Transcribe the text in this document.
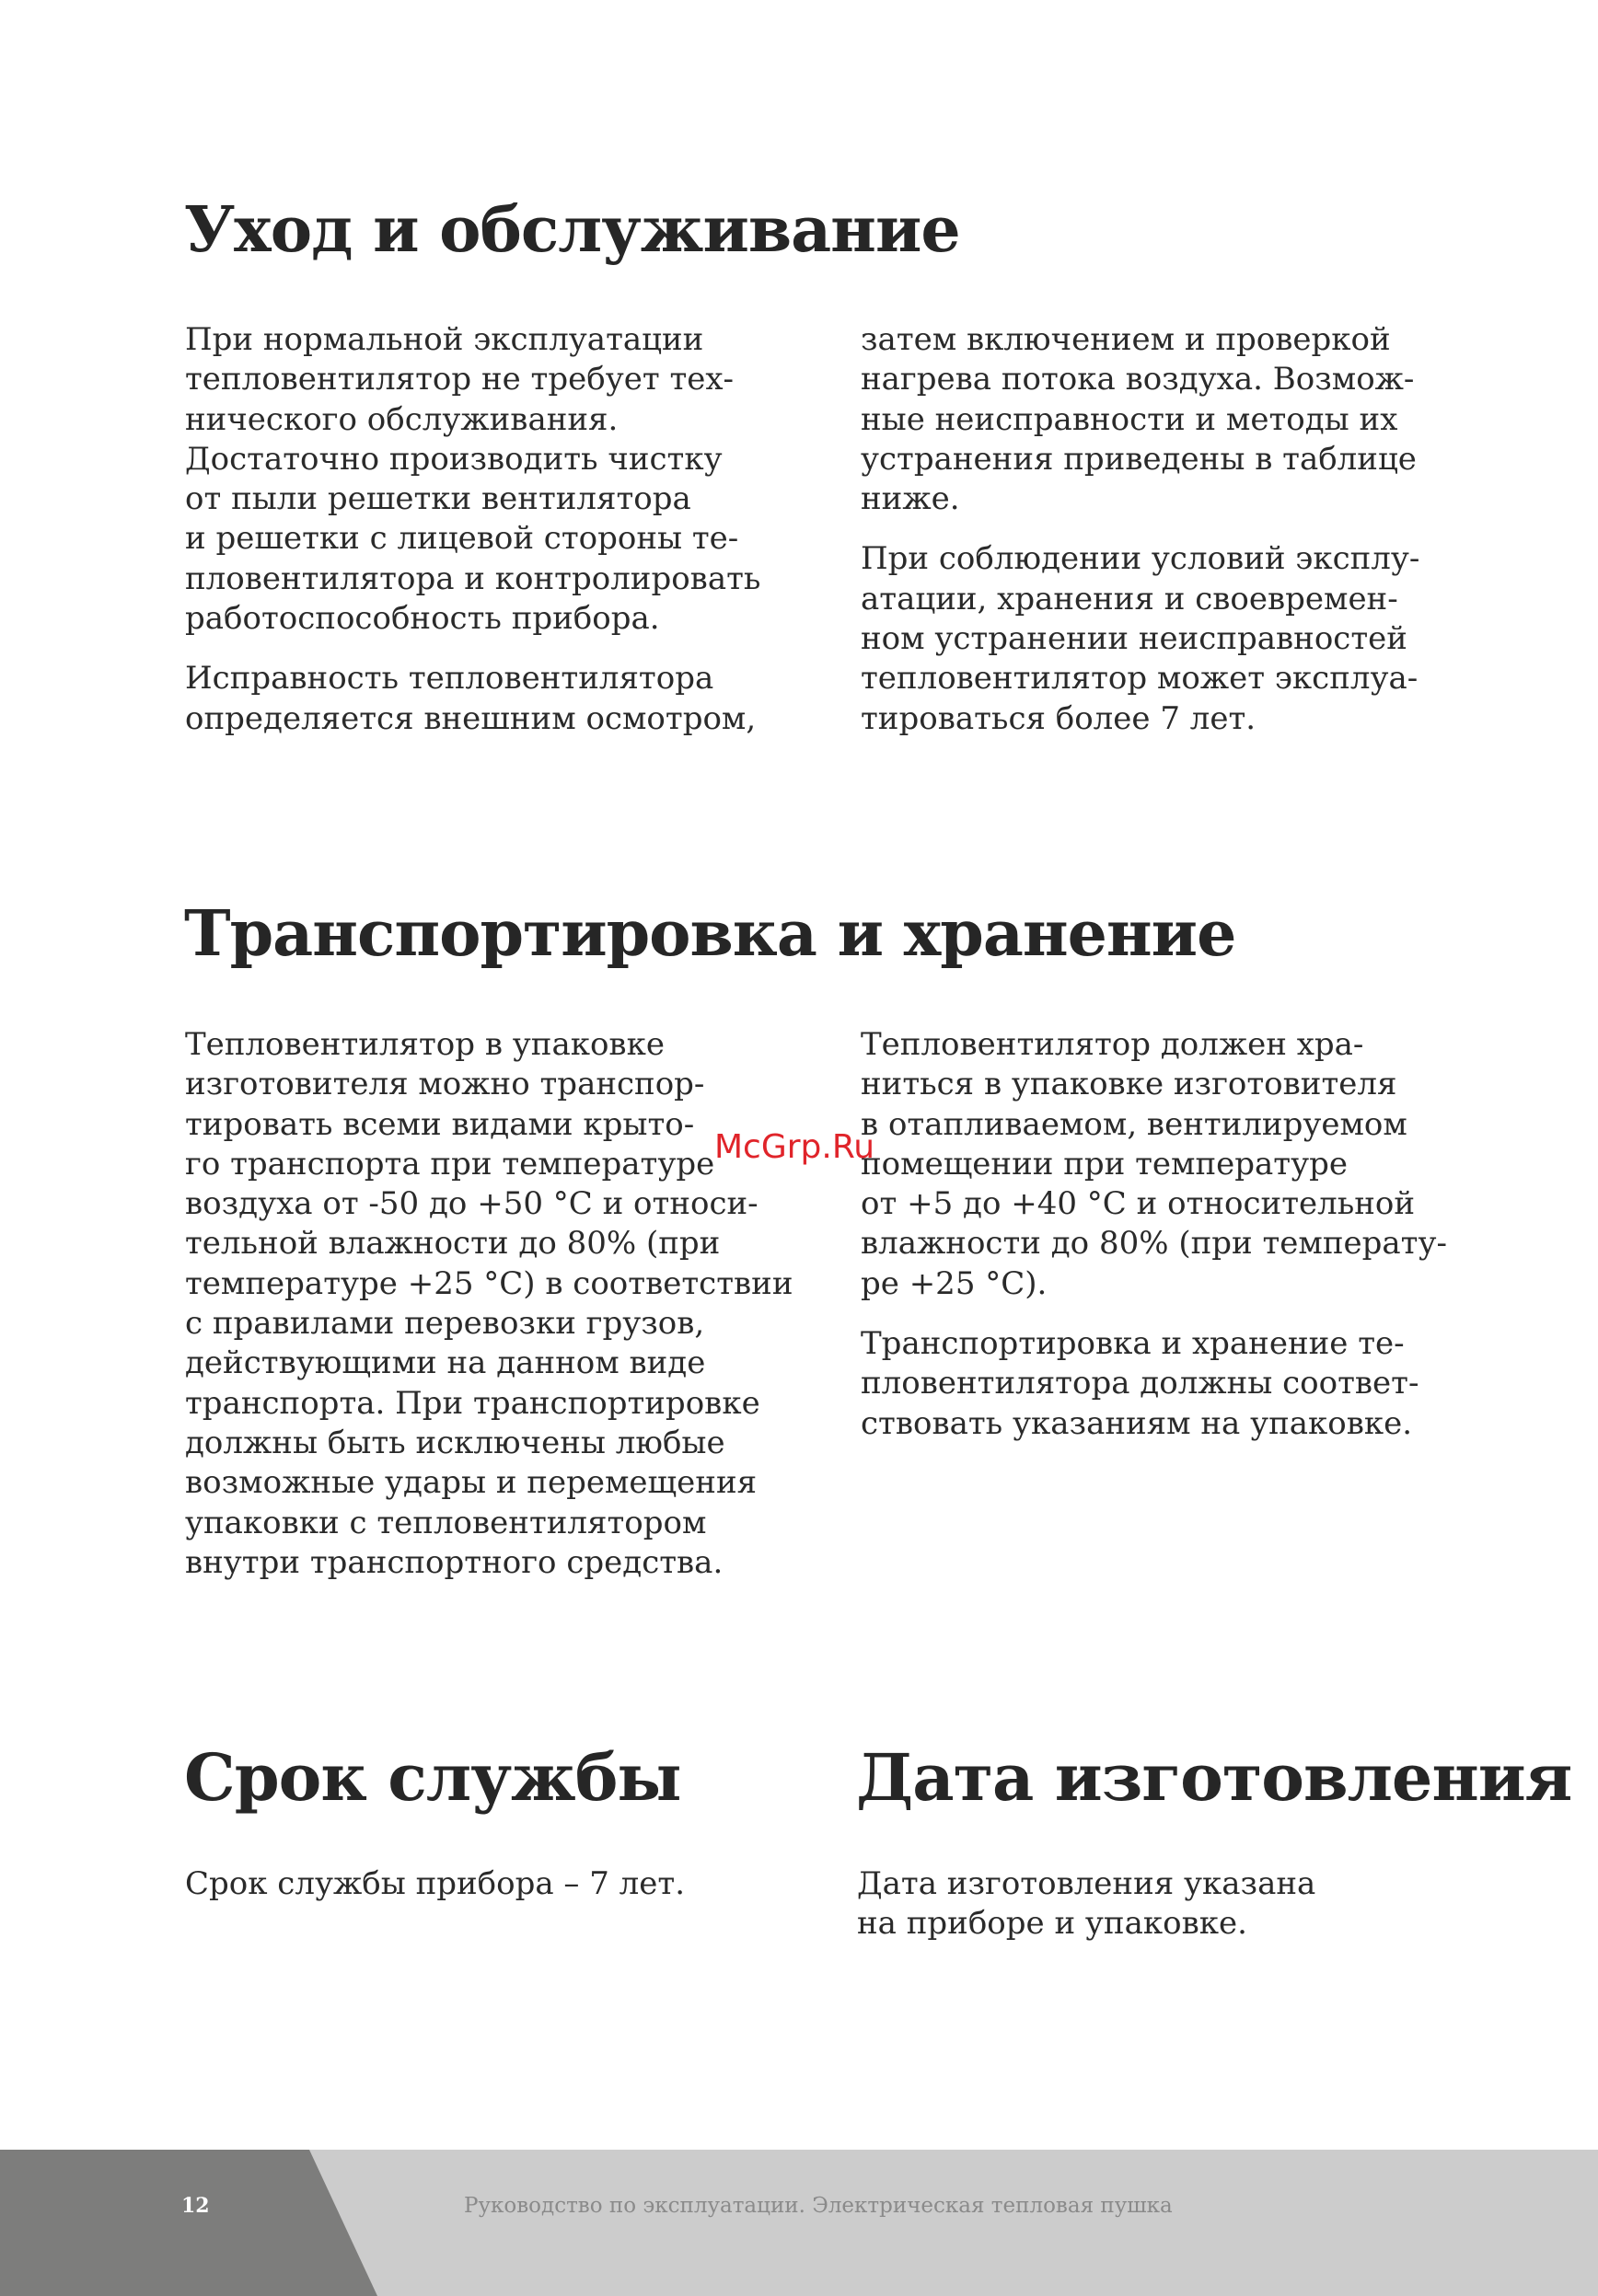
Уход и обслуживание

При нормальной эксплуатации
тепловентилятор не требует тех-
нического обслуживания.
Достаточно производить чистку
от пыли решетки вентилятора
и решетки с лицевой стороны те-
пловентилятора и контролировать
работоспособность прибора.

Исправность тепловентилятора
определяется внешним осмотром,

затем включением и проверкой
нагрева потока воздуха. Возмож-
ные неисправности и методы их
устранения приведены в таблице
ниже.

При соблюдении условий эксплу-
атации, хранения и своевремен-
ном устранении неисправностей
тепловентилятор может эксплуа-
тироваться более 7 лет.

Транспортировка и хранение

Тепловентилятор в упаковке
изготовителя можно транспор-
тировать всеми видами крыто-
го транспорта при температуре
воздуха от -50 до +50 °С и относи-
тельной влажности до 80% (при
температуре +25 °С) в соответствии
с правилами перевозки грузов,
действующими на данном виде
транспорта. При транспортировке
должны быть исключены любые
возможные удары и перемещения
упаковки с тепловентилятором
внутри транспортного средства.

Тепловентилятор должен хра-
ниться в упаковке изготовителя
в отапливаемом, вентилируемом
помещении при температуре
от +5 до +40 °С и относительной
влажности до 80% (при температу-
ре +25 °С).

Транспортировка и хранение те-
пловентилятора должны соответ-
ствовать указаниям на упаковке.

McGrp.Ru
Срок службы

Срок службы прибора – 7 лет.

Дата изготовления

Дата изготовления указана
на приборе и упаковке.

12	Руководство по эксплуатации. Электрическая тепловая пушка
